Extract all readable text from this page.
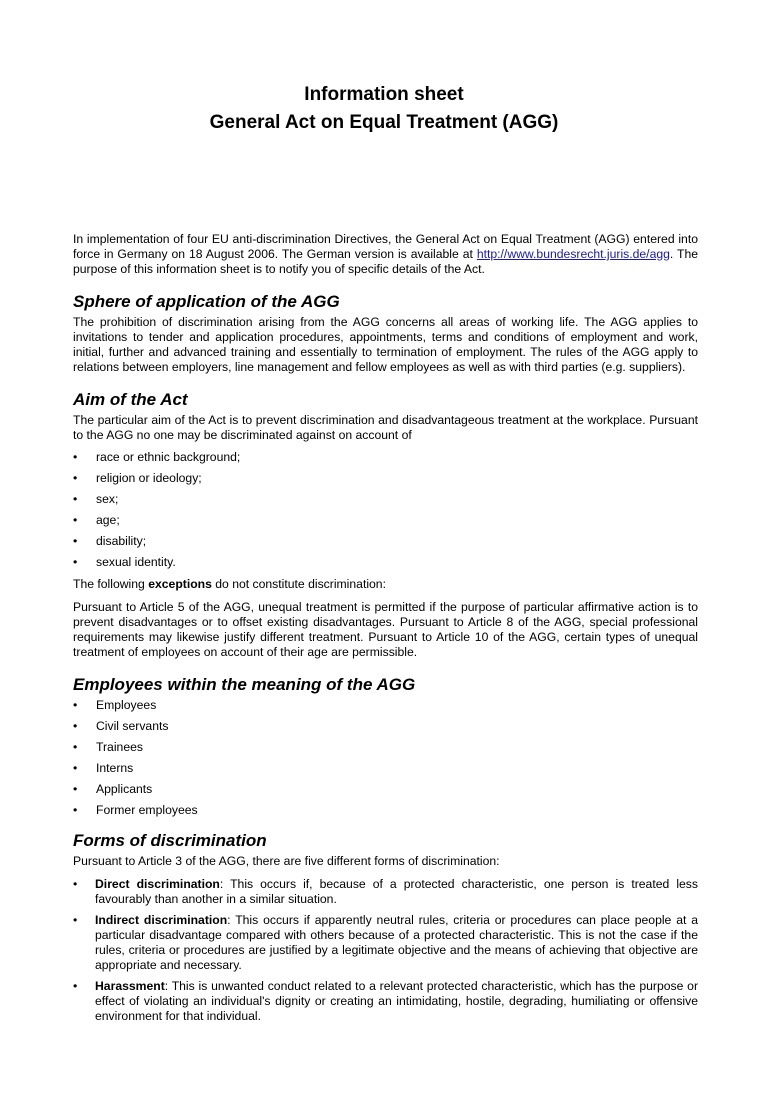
Information sheet
General Act on Equal Treatment (AGG)

In implementation of four EU anti-discrimination Directives, the General Act on Equal Treatment (AGG) entered into force in Germany on 18 August 2006. The German version is available at http://www.bundesrecht.juris.de/agg. The purpose of this information sheet is to notify you of specific details of the Act.

Sphere of application of the AGG

The prohibition of discrimination arising from the AGG concerns all areas of working life. The AGG applies to invitations to tender and application procedures, appointments, terms and conditions of employment and work, initial, further and advanced training and essentially to termination of employment. The rules of the AGG apply to relations between employers, line management and fellow employees as well as with third parties (e.g. suppliers).

Aim of the Act

The particular aim of the Act is to prevent discrimination and disadvantageous treatment at the workplace. Pursuant to the AGG no one may be discriminated against on account of

• race or ethnic background;
• religion or ideology;
• sex;
• age;
• disability;
• sexual identity.

The following exceptions do not constitute discrimination:

Pursuant to Article 5 of the AGG, unequal treatment is permitted if the purpose of particular affirmative action is to prevent disadvantages or to offset existing disadvantages. Pursuant to Article 8 of the AGG, special professional requirements may likewise justify different treatment. Pursuant to Article 10 of the AGG, certain types of unequal treatment of employees on account of their age are permissible.

Employees within the meaning of the AGG
• Employees
• Civil servants
• Trainees
• Interns
• Applicants
• Former employees
Forms of discrimination

Pursuant to Article 3 of the AGG, there are five different forms of discrimination:

• Direct discrimination: This occurs if, because of a protected characteristic, one person is treated less favourably than another in a similar situation.
• Indirect discrimination: This occurs if apparently neutral rules, criteria or procedures can place people at a particular disadvantage compared with others because of a protected characteristic. This is not the case if the rules, criteria or procedures are justified by a legitimate objective and the means of achieving that objective are appropriate and necessary.
• Harassment: This is unwanted conduct related to a relevant protected characteristic, which has the purpose or effect of violating an individual's dignity or creating an intimidating, hostile, degrading, humiliating or offensive environment for that individual.
